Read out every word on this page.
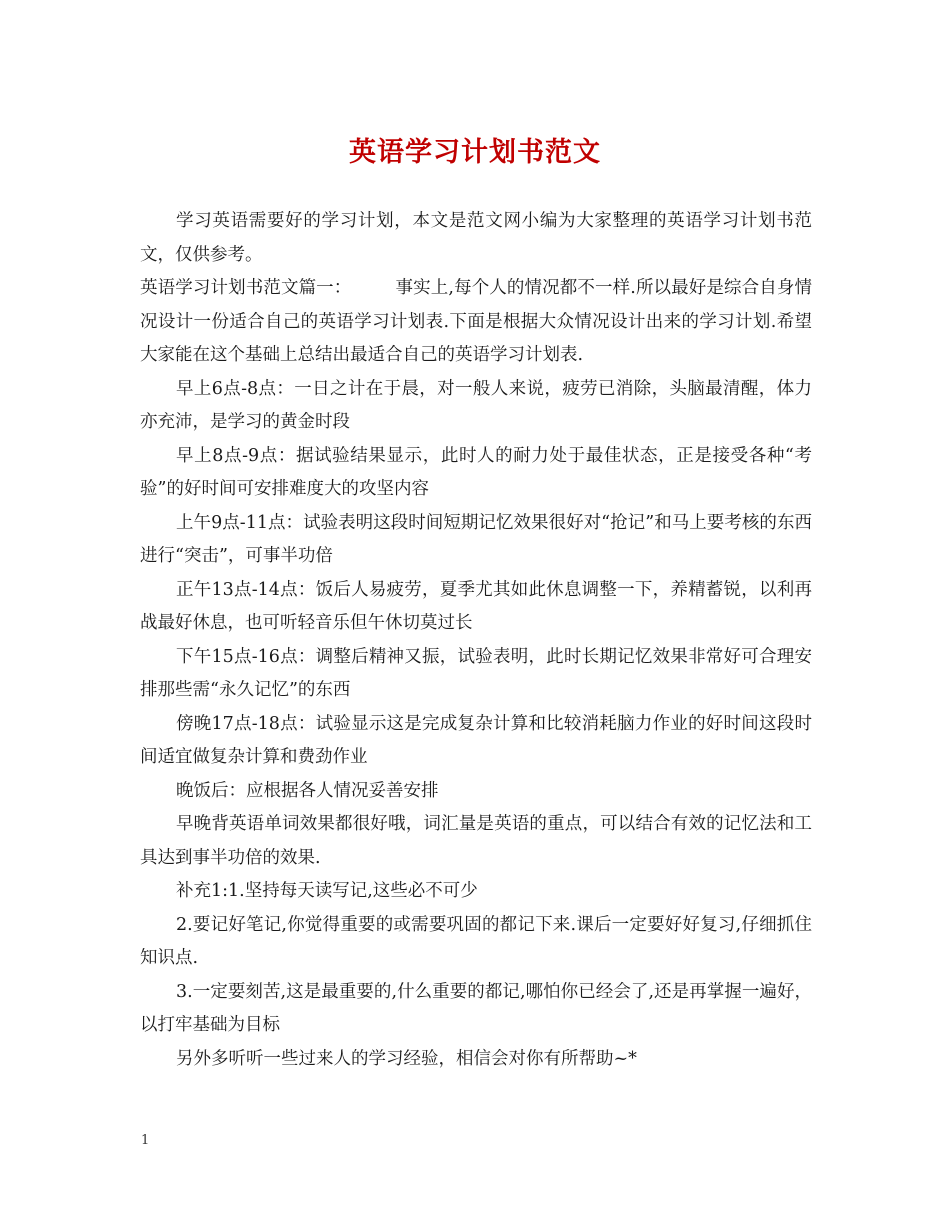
英语学习计划书范文

学习英语需要好的学习计划，本文是范文网小编为大家整理的英语学习计划书范文，仅供参考。

英语学习计划书范文篇一：	事实上,每个人的情况都不一样.所以最好是综合自身情况设计一份适合自己的英语学习计划表.下面是根据大众情况设计出来的学习计划.希望大家能在这个基础上总结出最适合自己的英语学习计划表.

早上6点-8点：一日之计在于晨，对一般人来说，疲劳已消除，头脑最清醒，体力亦充沛，是学习的黄金时段

早上8点-9点：据试验结果显示，此时人的耐力处于最佳状态，正是接受各种“考验”的好时间可安排难度大的攻坚内容

上午9点-11点：试验表明这段时间短期记忆效果很好对“抢记”和马上要考核的东西进行“突击”，可事半功倍

正午13点-14点：饭后人易疲劳，夏季尤其如此休息调整一下，养精蓄锐，以利再战最好休息，也可听轻音乐但午休切莫过长

下午15点-16点：调整后精神又振，试验表明，此时长期记忆效果非常好可合理安排那些需“永久记忆”的东西

傍晚17点-18点：试验显示这是完成复杂计算和比较消耗脑力作业的好时间这段时间适宜做复杂计算和费劲作业

晚饭后：应根据各人情况妥善安排

早晚背英语单词效果都很好哦，词汇量是英语的重点，可以结合有效的记忆法和工具达到事半功倍的效果.

补充1:1.坚持每天读写记,这些必不可少

2.要记好笔记,你觉得重要的或需要巩固的都记下来.课后一定要好好复习,仔细抓住知识点.

3.一定要刻苦,这是最重要的,什么重要的都记,哪怕你已经会了,还是再掌握一遍好，以打牢基础为目标

另外多听听一些过来人的学习经验，相信会对你有所帮助~*

1
